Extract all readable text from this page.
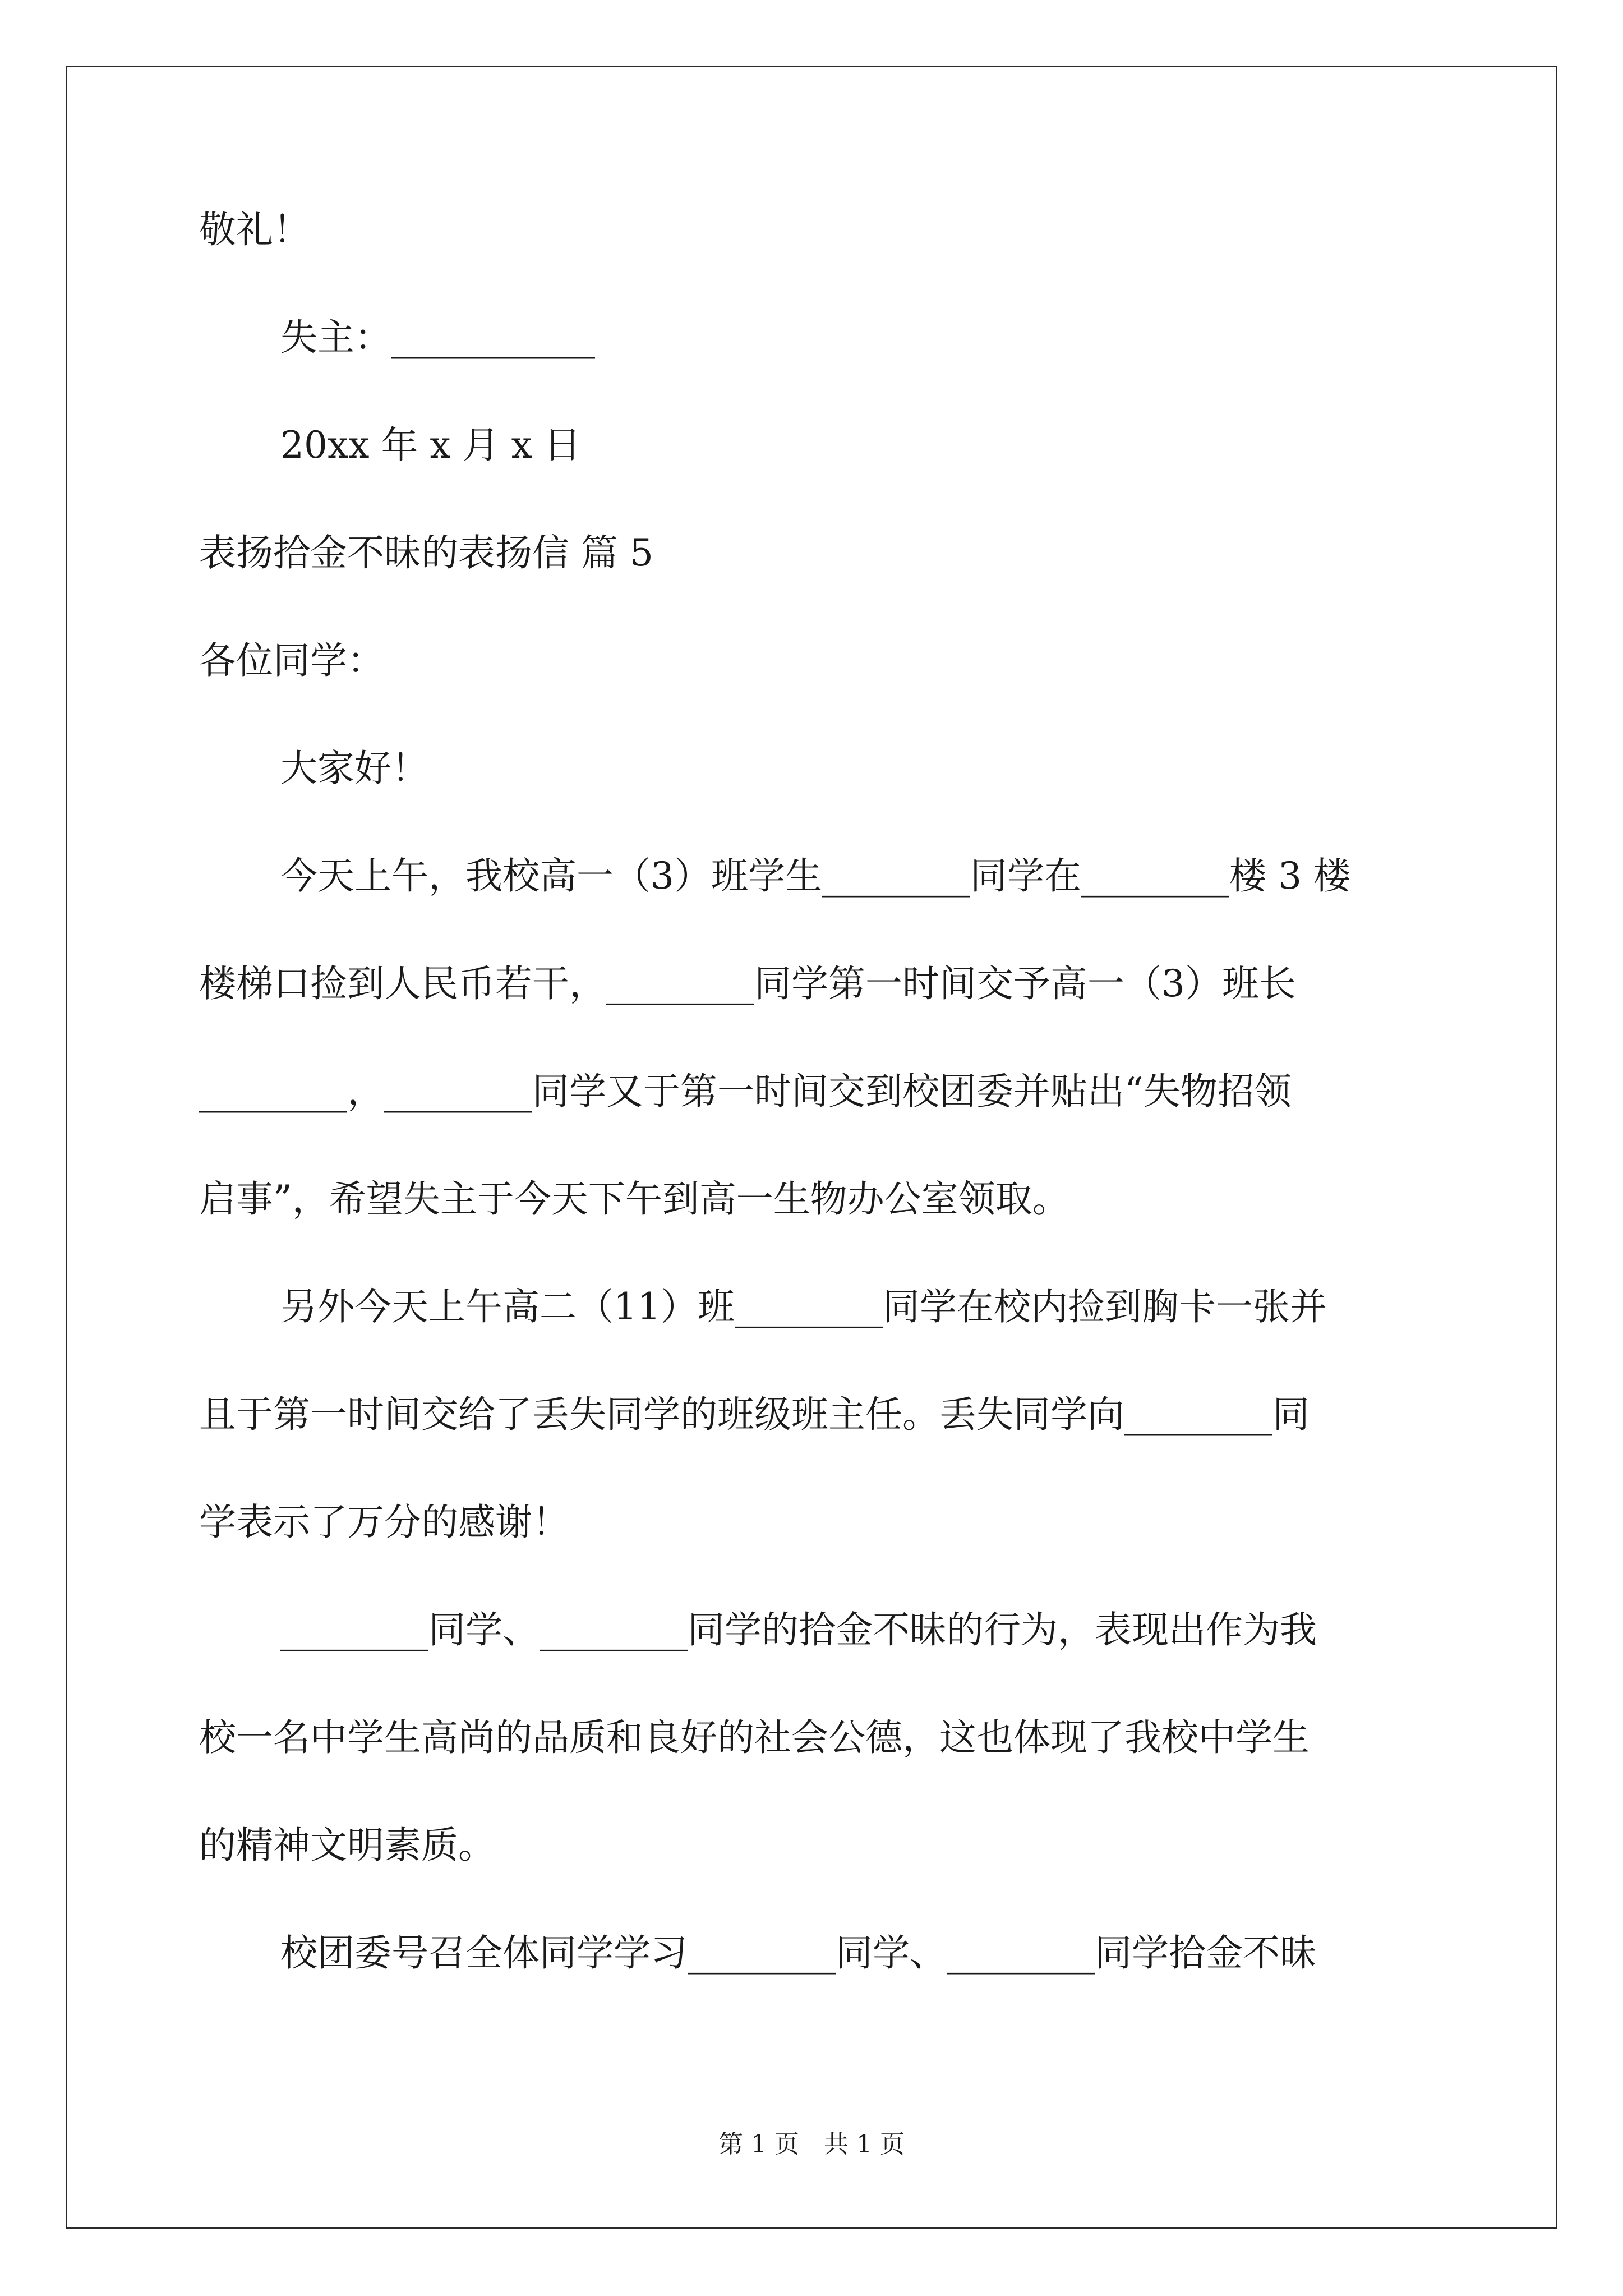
敬礼！
失主：___________
20xx 年 x 月 x 日
表扬拾金不昧的表扬信 篇 5
各位同学：
大家好！
今天上午，我校高一（3）班学生________同学在________楼 3 楼
楼梯口捡到人民币若干，________同学第一时间交予高一（3）班长
________，________同学又于第一时间交到校团委并贴出“失物招领
启事”，希望失主于今天下午到高一生物办公室领取。
另外今天上午高二（11）班________同学在校内捡到胸卡一张并
且于第一时间交给了丢失同学的班级班主任。丢失同学向________同
学表示了万分的感谢！
________同学、________同学的拾金不昧的行为，表现出作为我
校一名中学生高尚的品质和良好的社会公德，这也体现了我校中学生
的精神文明素质。
校团委号召全体同学学习________同学、________同学拾金不昧
第 1 页　共 1 页
